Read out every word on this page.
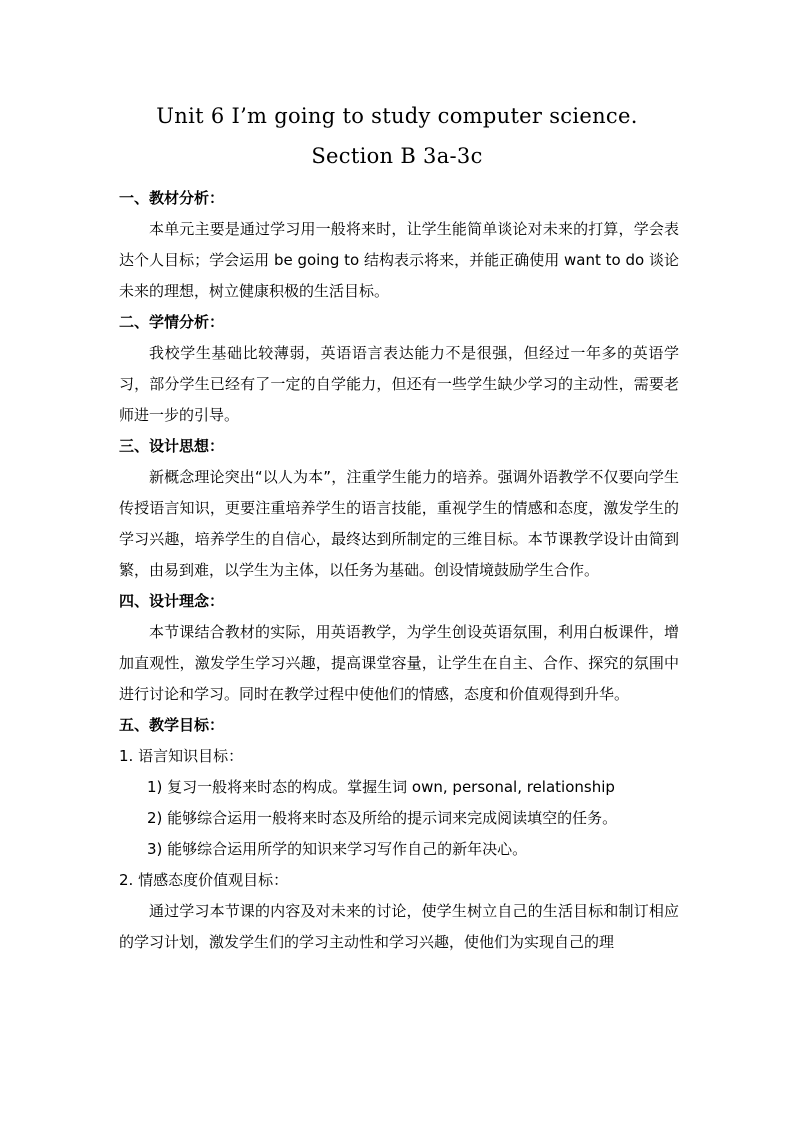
Unit 6 I’m going to study computer science.
Section B 3a-3c

一、教材分析：

本单元主要是通过学习用一般将来时，让学生能简单谈论对未来的打算，学会表达个人目标；学会运用 be going to 结构表示将来，并能正确使用 want to do 谈论未来的理想，树立健康积极的生活目标。

二、学情分析：

我校学生基础比较薄弱，英语语言表达能力不是很强，但经过一年多的英语学习，部分学生已经有了一定的自学能力，但还有一些学生缺少学习的主动性，需要老师进一步的引导。

三、设计思想：

新概念理论突出“以人为本”，注重学生能力的培养。强调外语教学不仅要向学生传授语言知识，更要注重培养学生的语言技能，重视学生的情感和态度，激发学生的学习兴趣，培养学生的自信心，最终达到所制定的三维目标。本节课教学设计由简到繁，由易到难，以学生为主体，以任务为基础。创设情境鼓励学生合作。

四、设计理念：

本节课结合教材的实际，用英语教学，为学生创设英语氛围，利用白板课件，增加直观性，激发学生学习兴趣，提高课堂容量，让学生在自主、合作、探究的氛围中进行讨论和学习。同时在教学过程中使他们的情感，态度和价值观得到升华。

五、教学目标：

1. 语言知识目标：

1) 复习一般将来时态的构成。掌握生词 own, personal, relationship

2) 能够综合运用一般将来时态及所给的提示词来完成阅读填空的任务。

3) 能够综合运用所学的知识来学习写作自己的新年决心。

2. 情感态度价值观目标：

通过学习本节课的内容及对未来的讨论，使学生树立自己的生活目标和制订相应的学习计划，激发学生们的学习主动性和学习兴趣，使他们为实现自己的理
